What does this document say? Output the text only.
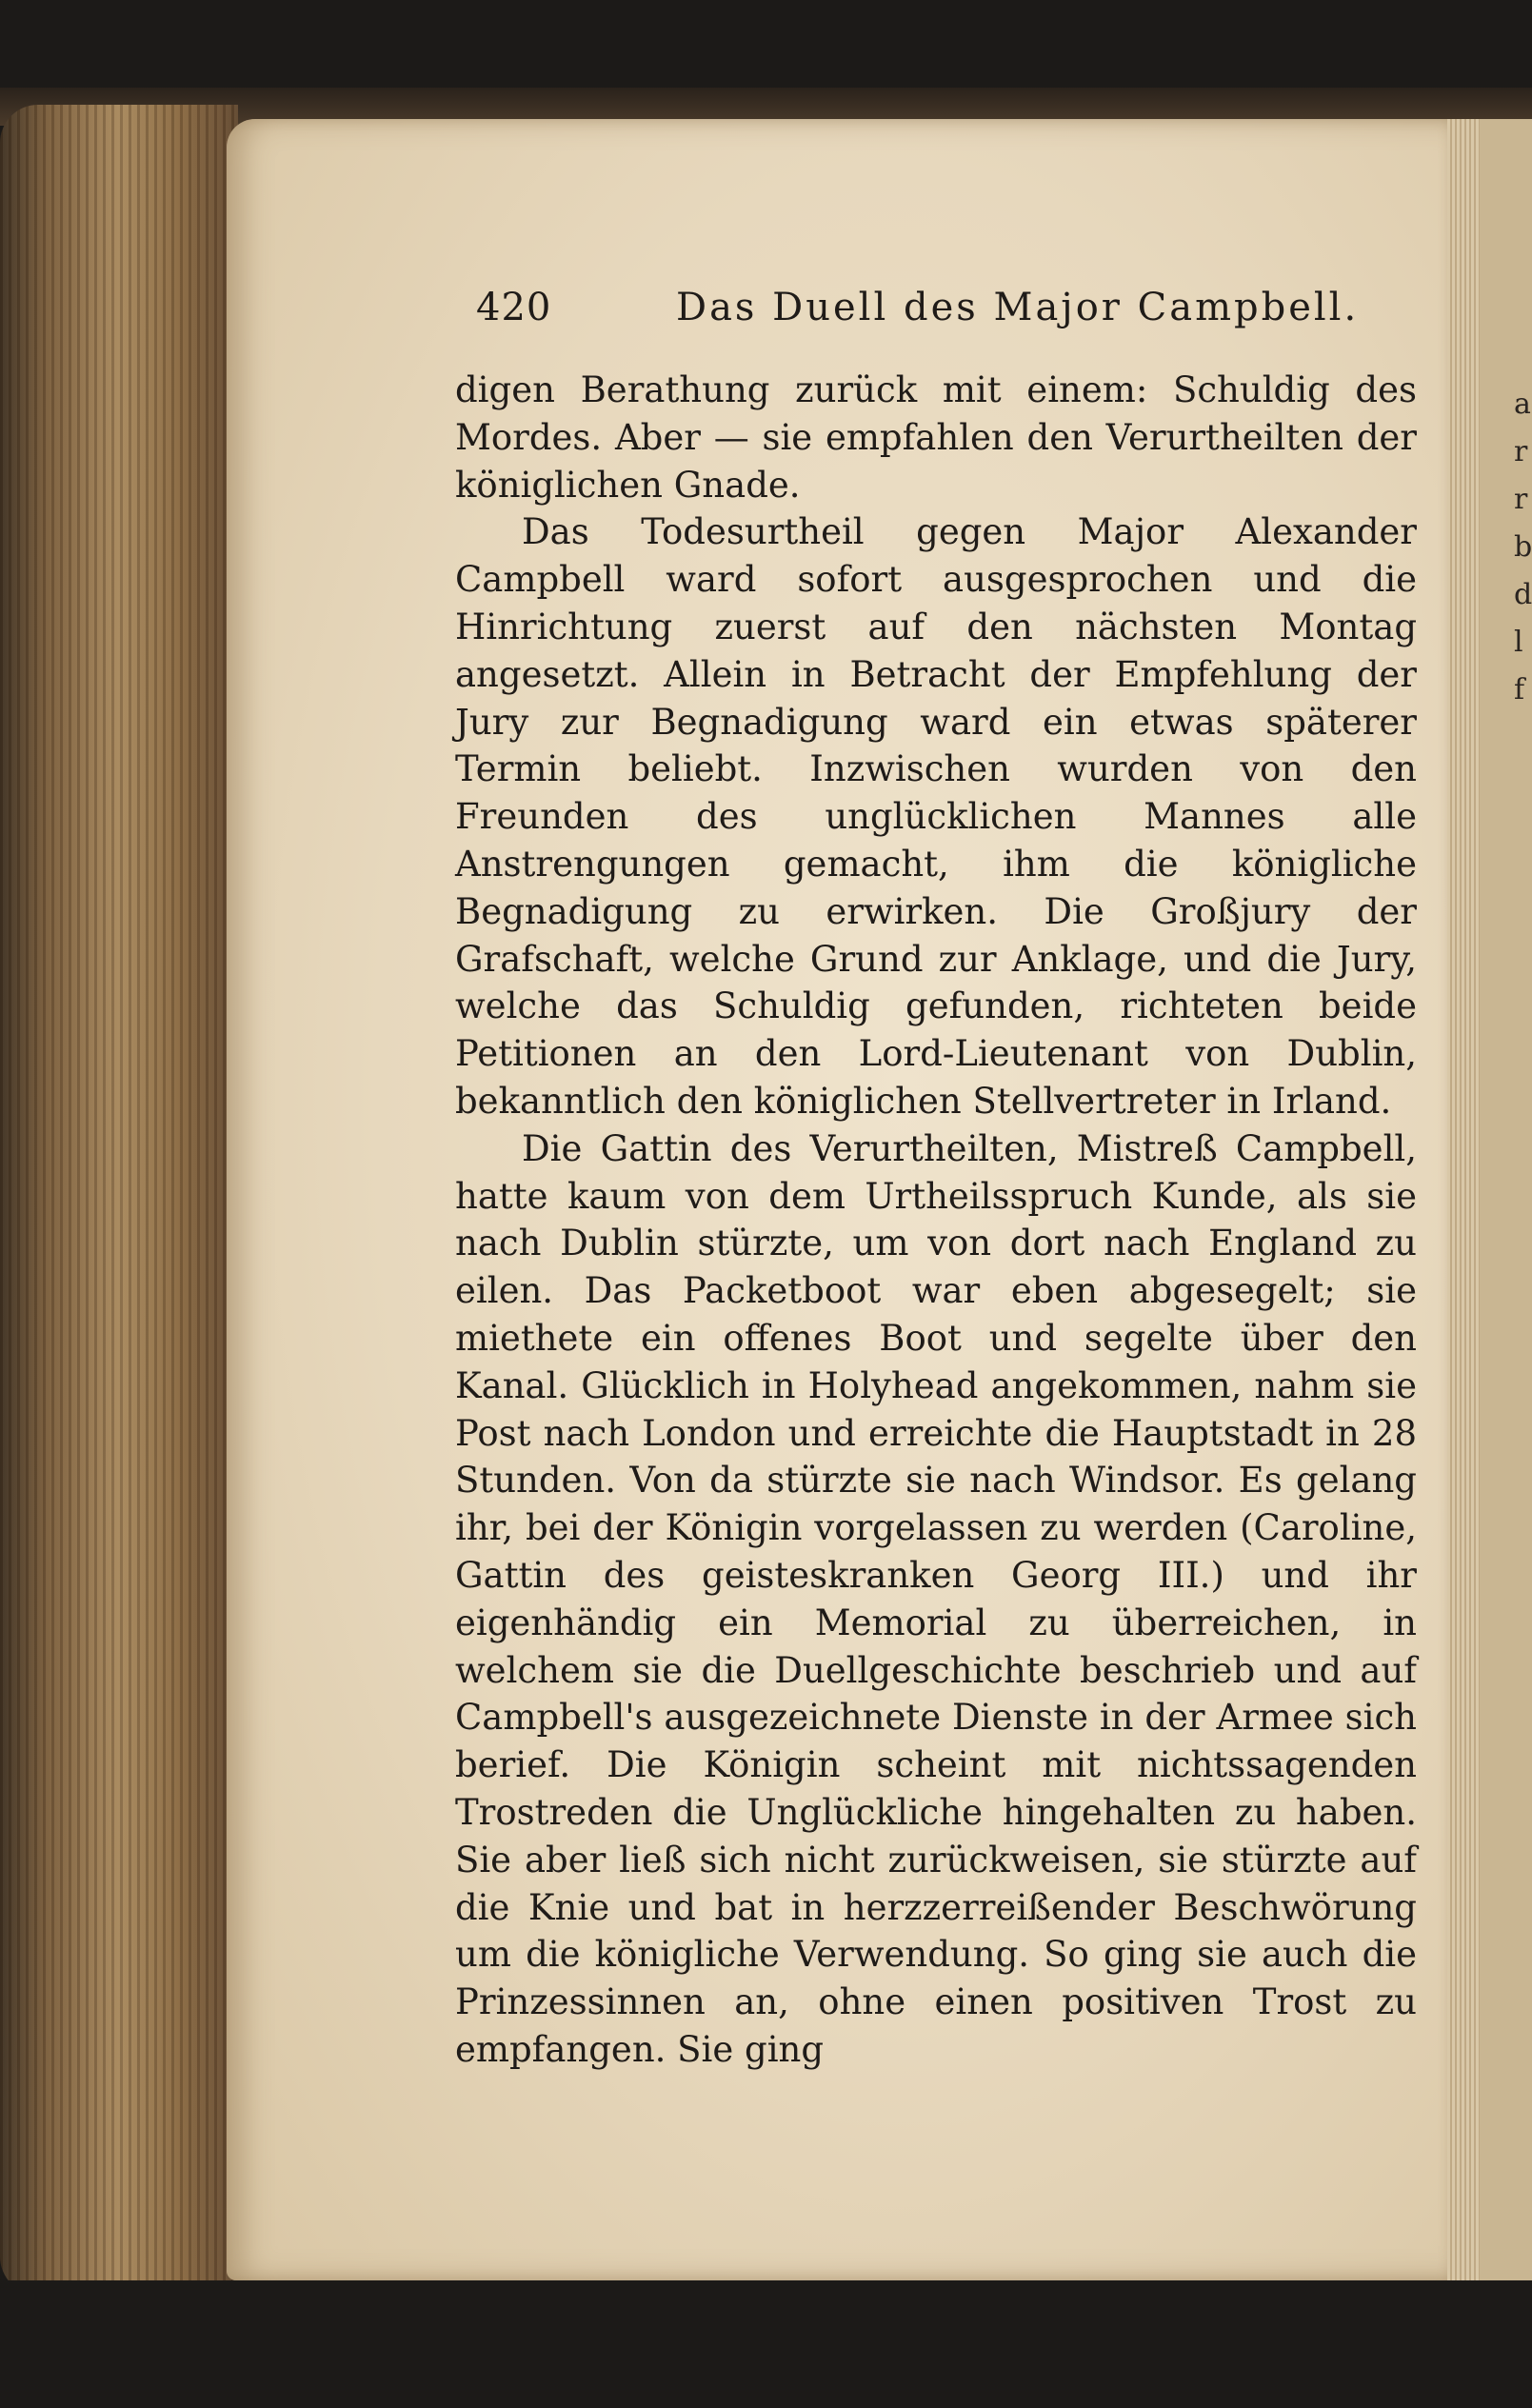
a r r b d l f
420	Das Duell des Major Campbell.

digen Berathung zurück mit einem: Schuldig des Mordes. Aber — sie empfahlen den Verurtheilten der königlichen Gnade.

Das Todesurtheil gegen Major Alexander Campbell ward sofort ausgesprochen und die Hinrichtung zuerst auf den nächsten Montag angesetzt. Allein in Betracht der Empfehlung der Jury zur Begnadigung ward ein etwas späterer Termin beliebt. Inzwischen wurden von den Freunden des unglücklichen Mannes alle Anstrengungen gemacht, ihm die königliche Begnadigung zu erwirken. Die Großjury der Grafschaft, welche Grund zur Anklage, und die Jury, welche das Schuldig gefunden, richteten beide Petitionen an den Lord-Lieutenant von Dublin, bekanntlich den königlichen Stellvertreter in Irland.

Die Gattin des Verurtheilten, Mistreß Campbell, hatte kaum von dem Urtheilsspruch Kunde, als sie nach Dublin stürzte, um von dort nach England zu eilen. Das Packetboot war eben abgesegelt; sie miethete ein offenes Boot und segelte über den Kanal. Glücklich in Holyhead angekommen, nahm sie Post nach London und erreichte die Hauptstadt in 28 Stunden. Von da stürzte sie nach Windsor. Es gelang ihr, bei der Königin vorgelassen zu werden (Caroline, Gattin des geisteskranken Georg III.) und ihr eigenhändig ein Memorial zu überreichen, in welchem sie die Duellgeschichte beschrieb und auf Campbell's ausgezeichnete Dienste in der Armee sich berief. Die Königin scheint mit nichtssagenden Trostreden die Unglückliche hingehalten zu haben. Sie aber ließ sich nicht zurückweisen, sie stürzte auf die Knie und bat in herzzerreißender Beschwörung um die königliche Verwendung. So ging sie auch die Prinzessinnen an, ohne einen positiven Trost zu empfangen. Sie ging
